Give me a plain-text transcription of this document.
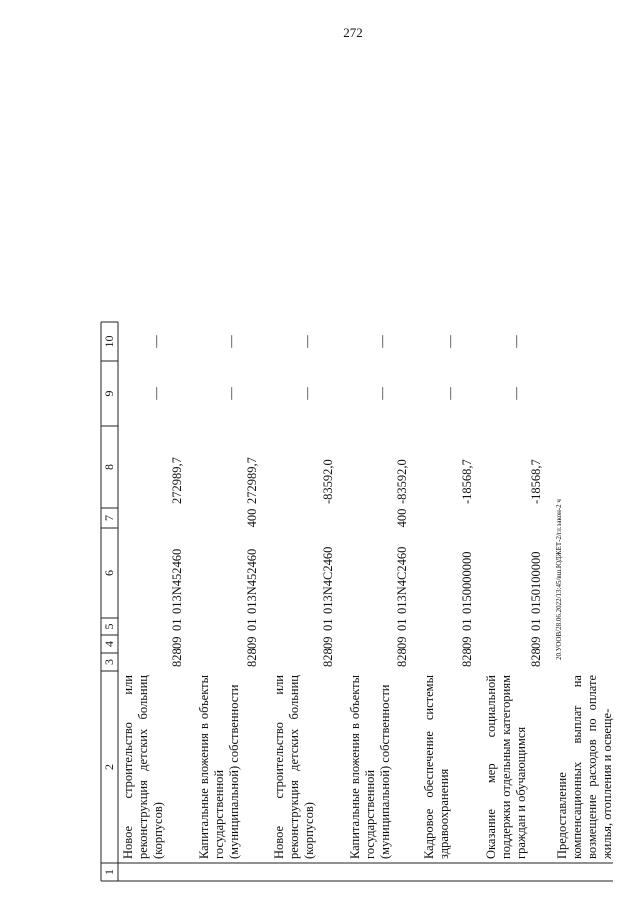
272
20.УООВ/28.06.2022/13:45/вш.ЮДЖЕТ-2/гл.закон-2 ч
1
2
3
4
5
6
7
8
9
10
Новое строительство или реконструкция детских больниц (корпусов)
828
09
01
013N452460
272989,7
—
—
Капитальные вложения в объекты государственной (муниципальной) собственности
828
09
01
013N452460
400
272989,7
—
—
Новое строительство или реконструкция детских больниц (корпусов)
828
09
01
013N4C2460
-83592,0
—
—
Капитальные вложения в объекты государственной (муниципальной) собственности
828
09
01
013N4C2460
400
-83592,0
—
—
Кадровое обеспечение системы здравоохранения
828
09
01
0150000000
-18568,7
—
—
Оказание мер социальной поддержки отдельным категориям граждан и обучающимся
828
09
01
0150100000
-18568,7
—
—
Предоставление компенсационных выплат на возмещение расходов по оплате жилья, отопления и освеще-
